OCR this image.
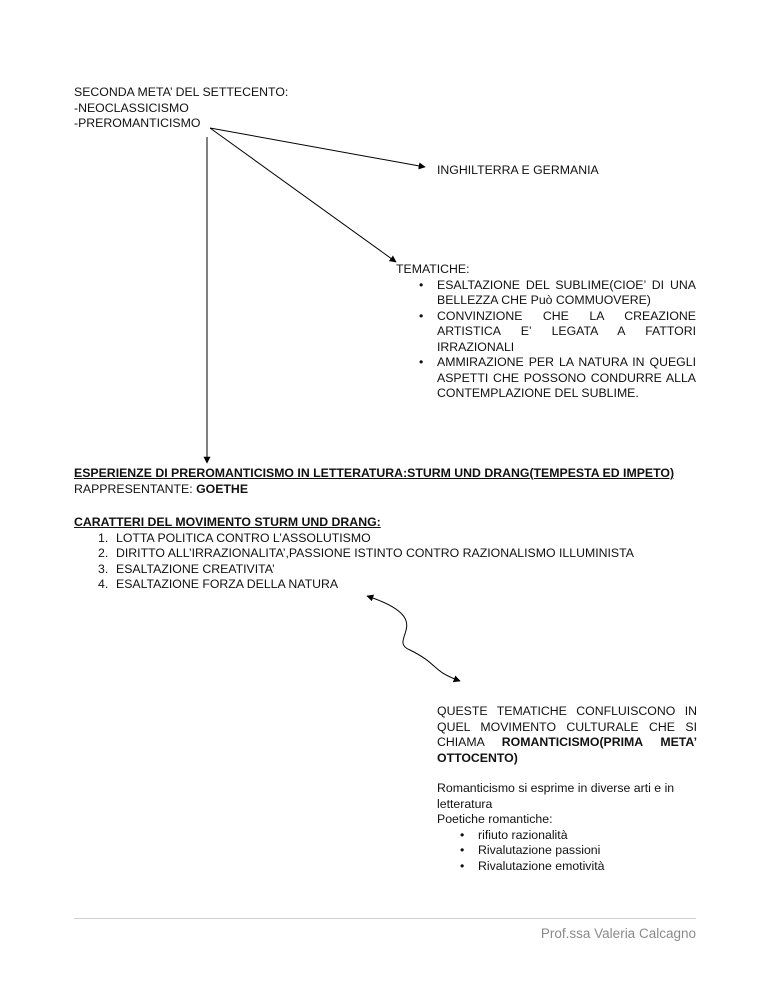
SECONDA META’ DEL SETTECENTO:
-NEOCLASSICISMO
-PREROMANTICISMO
INGHILTERRA E GERMANIA
TEMATICHE:
• ESALTAZIONE DEL SUBLIME(CIOE’ DI UNA BELLEZZA CHE Può COMMUOVERE)
• CONVINZIONE CHE LA CREAZIONE ARTISTICA E’ LEGATA A FATTORI IRRAZIONALI
• AMMIRAZIONE PER LA NATURA IN QUEGLI ASPETTI CHE POSSONO CONDURRE ALLA CONTEMPLAZIONE DEL SUBLIME.
ESPERIENZE DI PREROMANTICISMO IN LETTERATURA:STURM UND DRANG(TEMPESTA ED IMPETO)
RAPPRESENTANTE: GOETHE
CARATTERI DEL MOVIMENTO STURM UND DRANG:
1. LOTTA POLITICA CONTRO L’ASSOLUTISMO
2. DIRITTO ALL’IRRAZIONALITA’,PASSIONE ISTINTO CONTRO RAZIONALISMO ILLUMINISTA
3. ESALTAZIONE CREATIVITA’
4. ESALTAZIONE FORZA DELLA NATURA
QUESTE TEMATICHE CONFLUISCONO IN QUEL MOVIMENTO CULTURALE CHE SI CHIAMA ROMANTICISMO(PRIMA META’ OTTOCENTO)
Romanticismo si esprime in diverse arti e in letteratura
Poetiche romantiche:
• rifiuto razionalità
• Rivalutazione passioni
• Rivalutazione emotività
Prof.ssa Valeria Calcagno
